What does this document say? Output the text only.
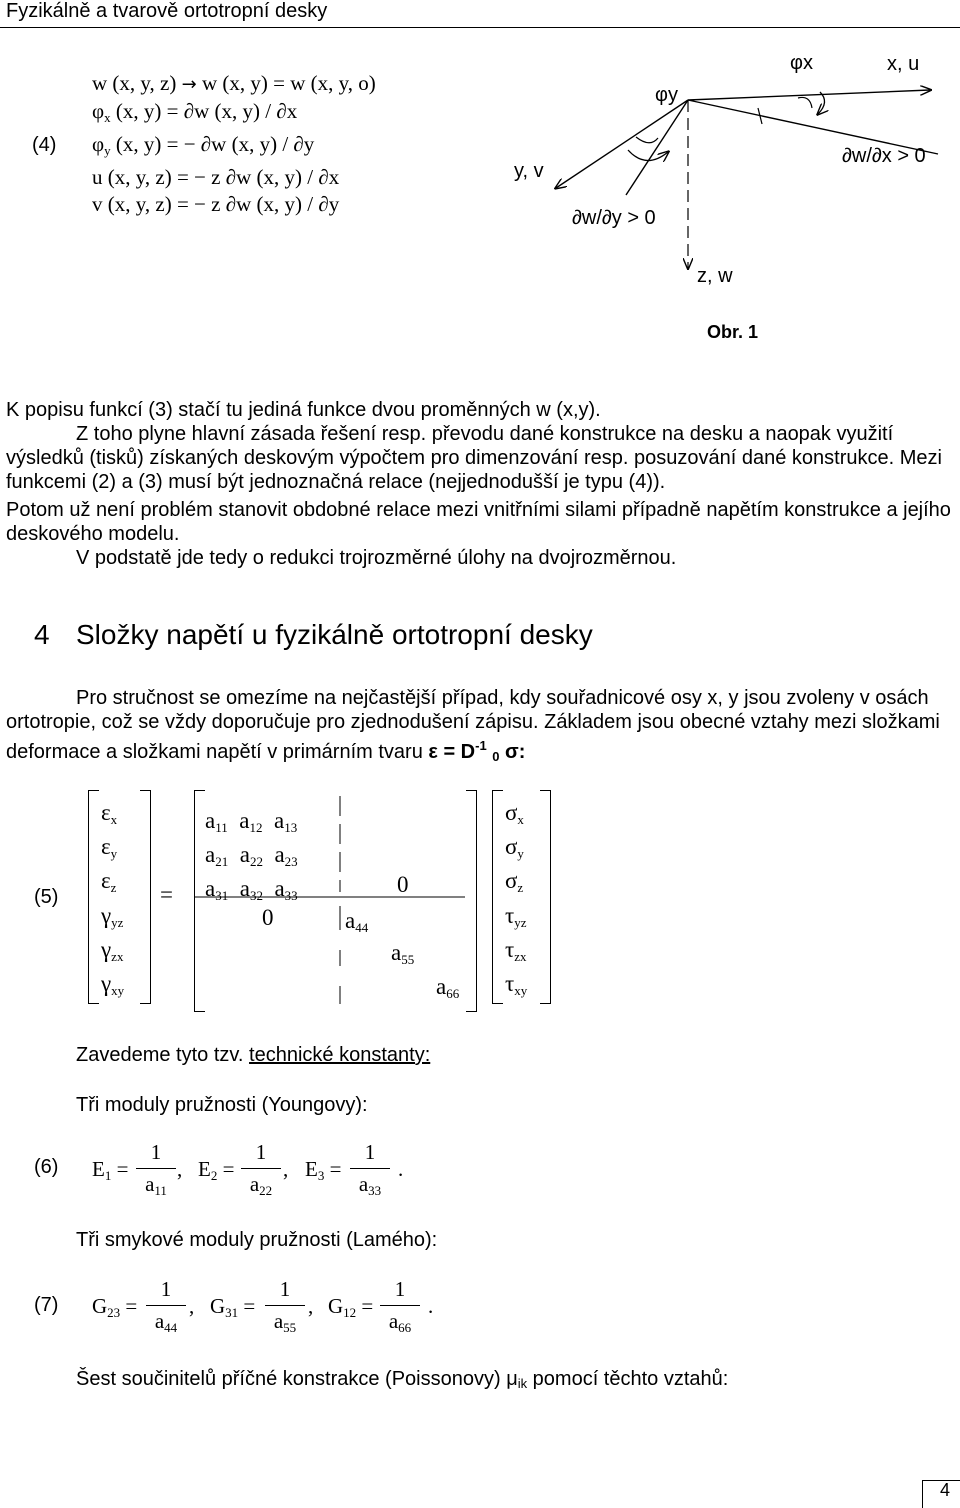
Fyzikálně a tvarově ortotropní desky
(4)
w (x, y, z) → w (x, y) = w (x, y, o)
$\varphi_x$ (x, y) = ∂w (x, y) / ∂x
$\varphi_y$ (x, y) = − ∂w (x, y) / ∂y
u (x, y, z) = − z ∂w (x, y) / ∂x
v (x, y, z) = − z ∂w (x, y) / ∂y
φx
φy
x, u
y, v
z, w
∂w/∂x > 0
∂w/∂y > 0
Obr. 1
K popisu funkcí (3) stačí tu jediná funkce dvou proměnných w (x,y).
Z toho plyne hlavní zásada řešení resp. převodu dané konstrukce na desku a naopak využití výsledků (tisků) získaných deskovým výpočtem pro dimenzování resp. posuzování dané konstrukce. Mezi funkcemi (2) a (3) musí být jednoznačná relace (nejjednodušší je typu (4)).
Potom už není problém stanovit obdobné relace mezi vnitřními silami případně napětím konstrukce a jejího deskového modelu.
V podstatě jde tedy o redukci trojrozměrné úlohy na dvojrozměrnou.
4 Složky napětí u fyzikálně ortotropní desky
Pro stručnost se omezíme na nejčastější případ, kdy souřadnicové osy x, y jsou zvoleny v osách ortotropie, což se vždy doporučuje pro zjednodušení zápisu. Základem jsou obecné vztahy mezi složkami deformace a složkami napětí v primárním tvaru $\varepsilon = D^{-1}$ 0 σ:
(5)
$\varepsilon_x$
$\varepsilon_y$
$\varepsilon_z$
$\gamma_{yz}$
$\gamma_{zx}$
$\gamma_{xy}$
=
$a_{11}$  $a_{12}$  $a_{13}$
$a_{21}$  $a_{22}$  $a_{23}$
$a_{31}$  $a_{32}$  $a_{33}$	0
0	$a_{44}$
$a_{55}$
$a_{66}$
$\sigma_x$
$\sigma_y$
$\sigma_z$
$\tau_{yz}$
$\tau_{zx}$
$\tau_{xy}$
Zavedeme tyto tzv. technické konstanty:
Tři moduly pružnosti (Youngovy):
(6) $E_1$ =
1
$a_{11}$
, $E_2$ =
1
$a_{22}$
, $E_3$ =
1
$a_{33}$
.
Tři smykové moduly pružnosti (Lamého):
(7) $G_{23}$ =
1
$a_{44}$
, $G_{31}$ =
1
$a_{55}$
, $G_{12}$ =
1
$a_{66}$
.
Šest součinitelů příčné konstrakce (Poissonovy) μik pomocí těchto vztahů:
4
